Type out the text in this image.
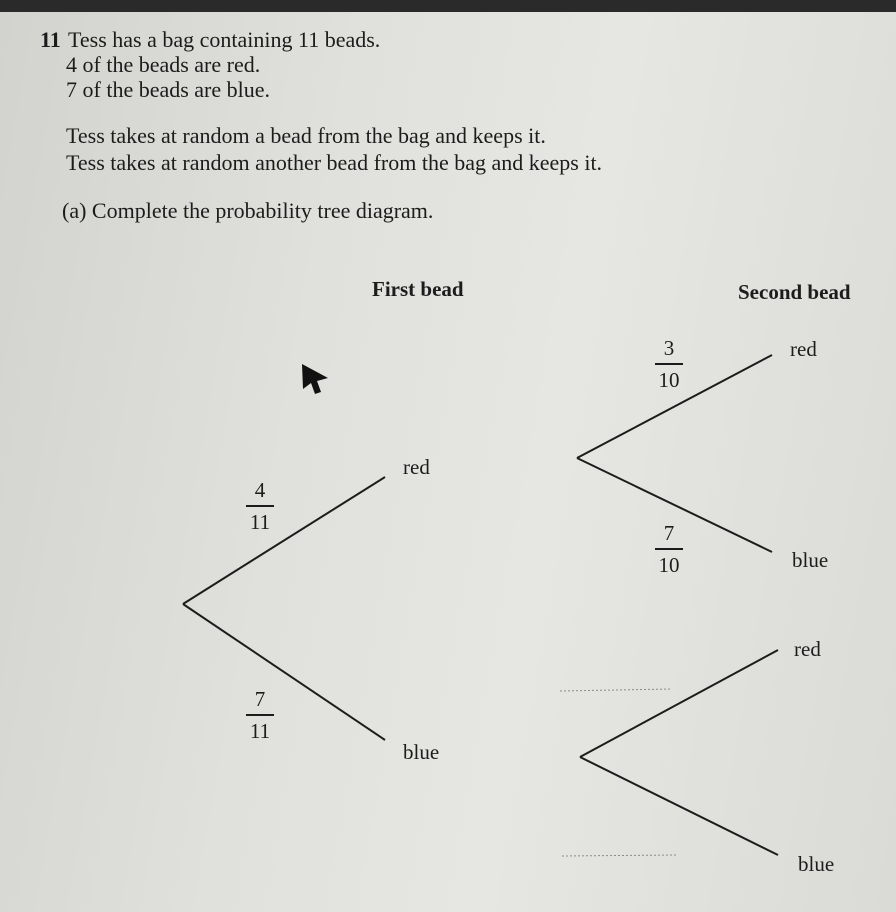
11 Tess has a bag containing 11 beads.
4 of the beads are red.
7 of the beads are blue.
Tess takes at random a bead from the bag and keeps it.
Tess takes at random another bead from the bag and keeps it.
(a) Complete the probability tree diagram.
First bead	Second bead
4
11
7
11
red
blue
3
10
7
10
red
blue
red
blue
